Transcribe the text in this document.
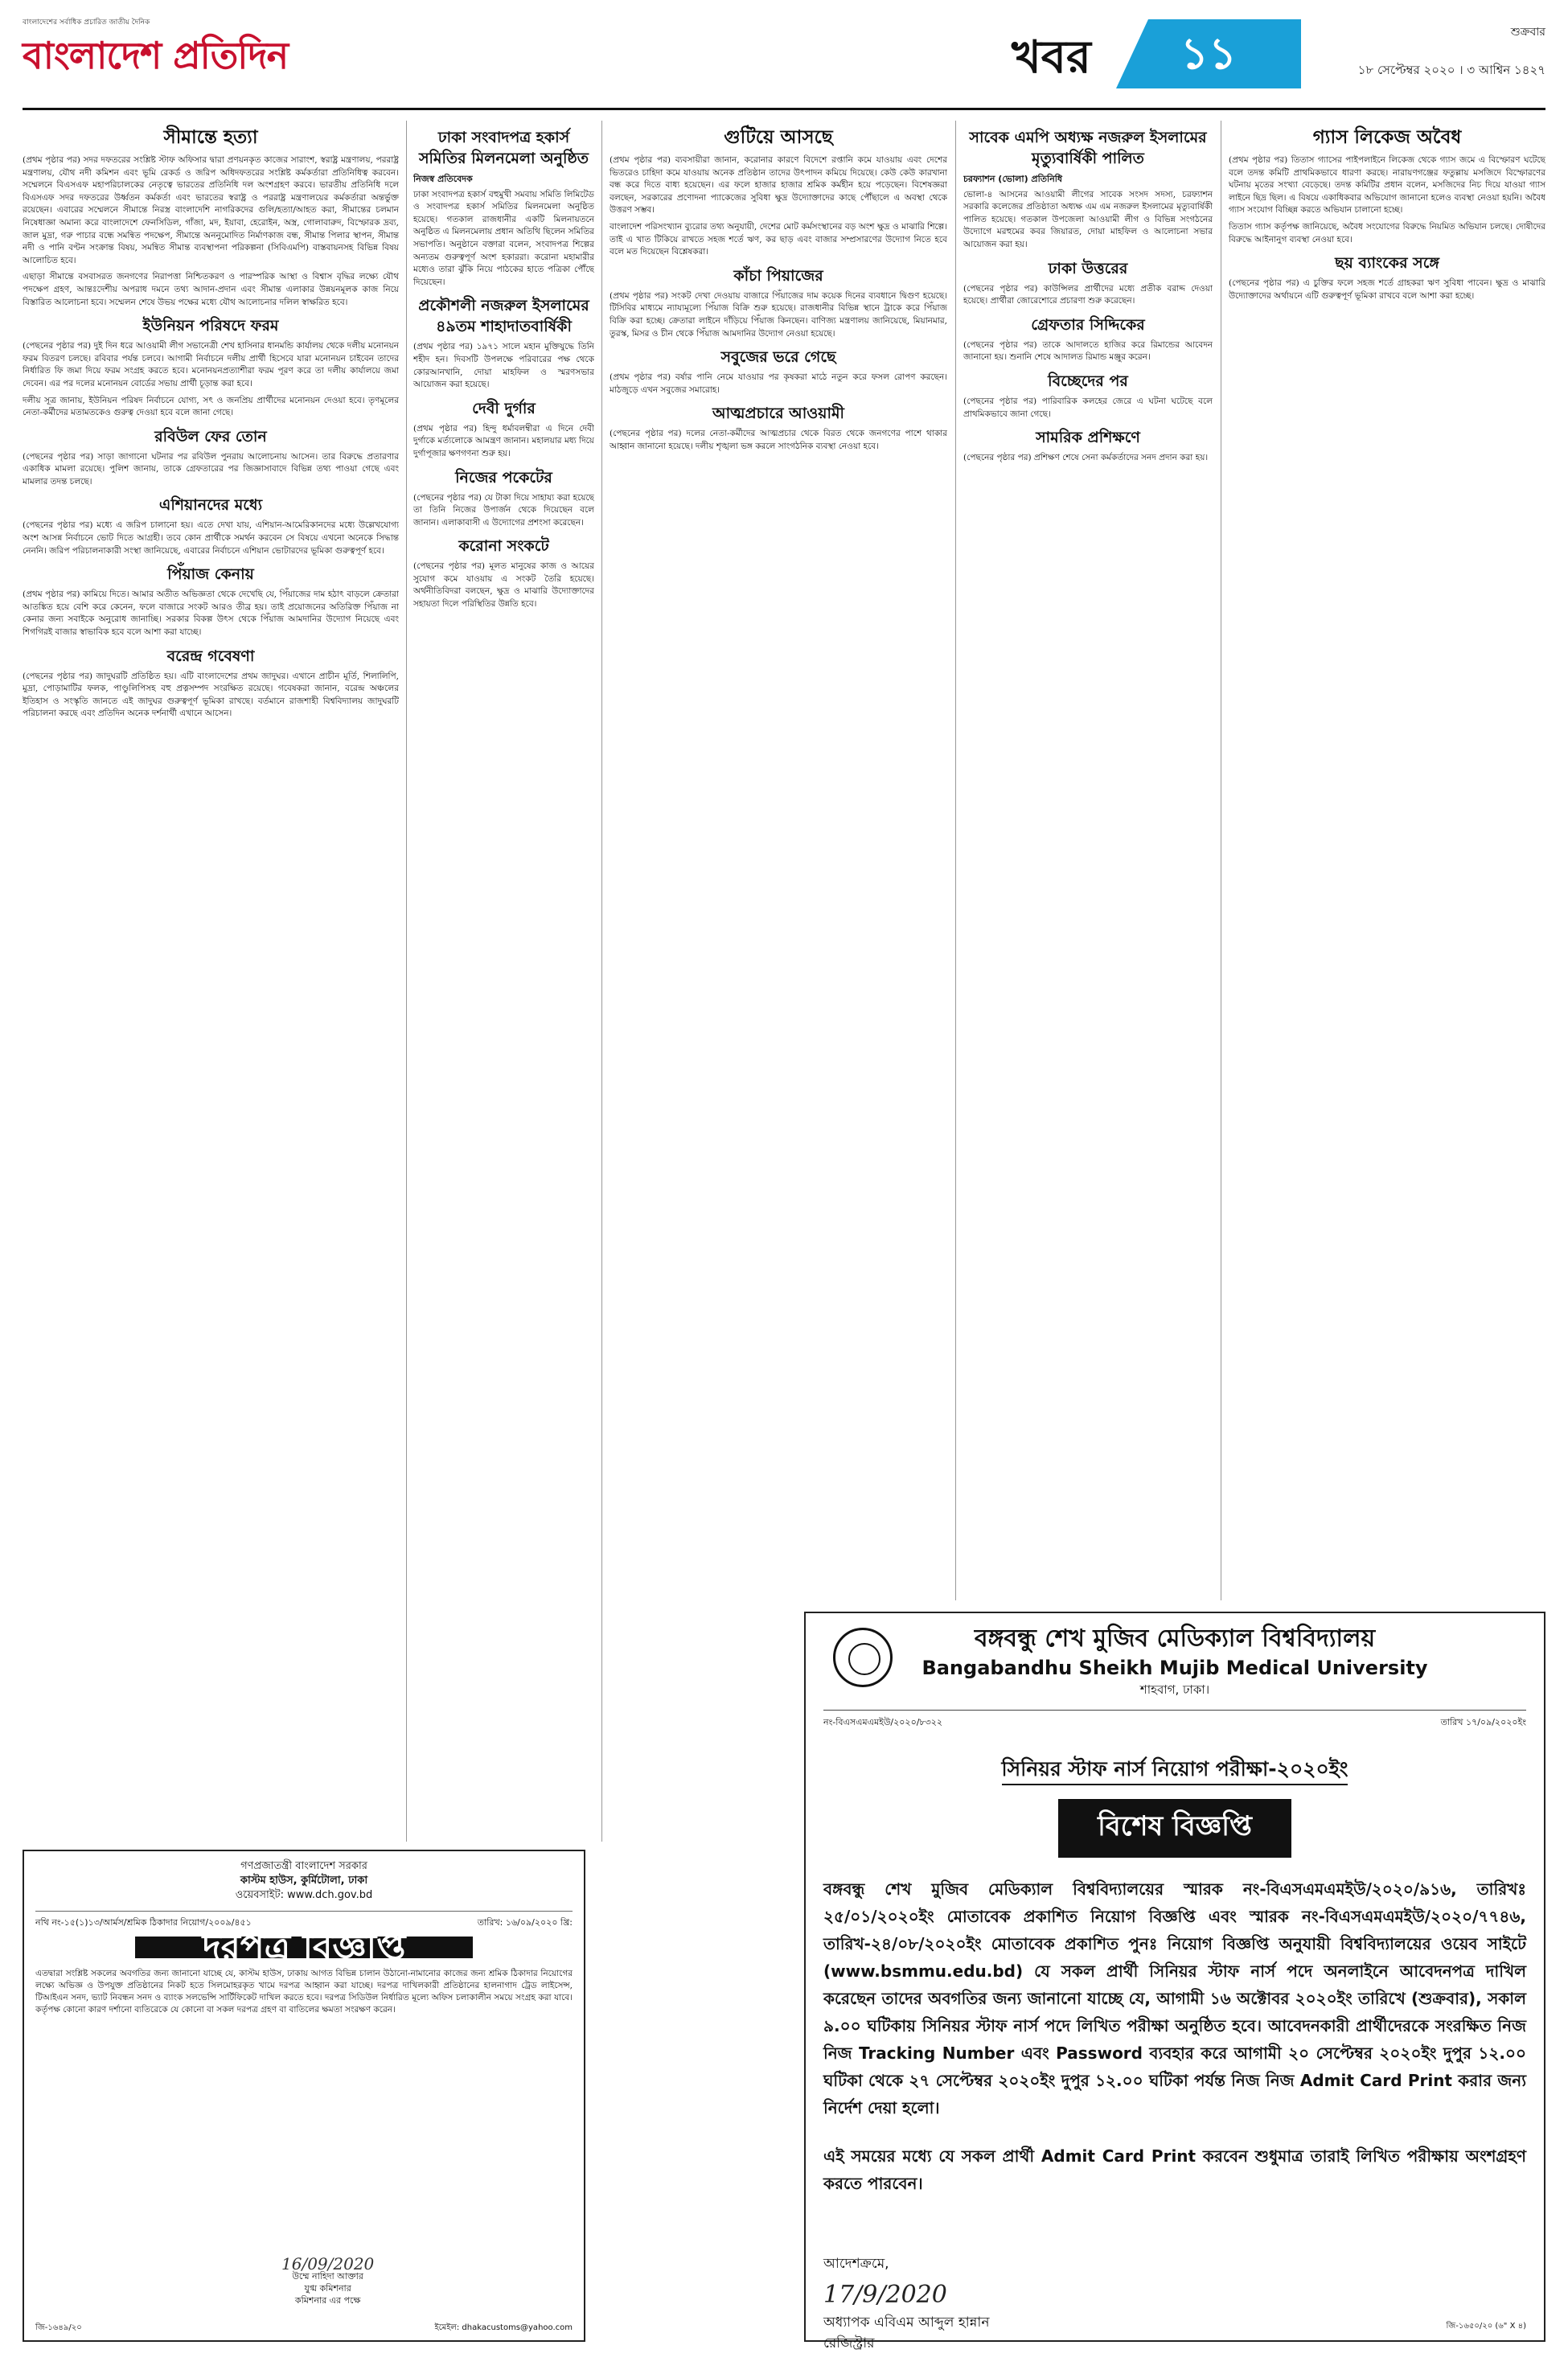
বাংলাদেশের সর্বাধিক প্রচারিত জাতীয় দৈনিক
বাংলাদেশ প্রতিদিন	খবর	১১	শুক্রবার
১৮ সেপ্টেম্বর ২০২০ । ৩ আশ্বিন ১৪২৭
সীমান্তে হত্যা

(প্রথম পৃষ্ঠার পর) সদর দফতরের সংশ্লিষ্ট স্টাফ অফিসার দ্বারা প্রণয়নকৃত কাজের সারাংশ, স্বরাষ্ট্র মন্ত্রণালয়, পররাষ্ট্র মন্ত্রণালয়, যৌথ নদী কমিশন এবং ভূমি রেকর্ড ও জরিপ অধিদফতরের সংশ্লিষ্ট কর্মকর্তারা প্রতিনিধিত্ব করবেন। সম্মেলনে বিএসএফ মহাপরিচালকের নেতৃত্বে ভারতের প্রতিনিধি দল অংশগ্রহণ করবে। ভারতীয় প্রতিনিধি দলে বিএসএফ সদর দফতরের উর্ধ্বতন কর্মকর্তা এবং ভারতের স্বরাষ্ট্র ও পররাষ্ট্র মন্ত্রণালয়ের কর্মকর্তারা অন্তর্ভুক্ত রয়েছেন। এবারের সম্মেলনে সীমান্তে নিরস্ত্র বাংলাদেশি নাগরিকদের গুলি/হত্যা/আহত করা, সীমান্তের চলমান নিষেধাজ্ঞা অমান্য করে বাংলাদেশে ফেনসিডিল, গাঁজা, মদ, ইয়াবা, হেরোইন, অস্ত্র, গোলাবারুদ, বিস্ফোরক দ্রব্য, জাল মুদ্রা, গরু পাচার বন্ধে সমন্বিত পদক্ষেপ, সীমান্তে অননুমোদিত নির্মাণকাজ বন্ধ, সীমান্ত পিলার স্থাপন, সীমান্ত নদী ও পানি বণ্টন সংক্রান্ত বিষয়, সমন্বিত সীমান্ত ব্যবস্থাপনা পরিকল্পনা (সিবিএমপি) বাস্তবায়নসহ বিভিন্ন বিষয় আলোচিত হবে।

এছাড়া সীমান্তে বসবাসরত জনগণের নিরাপত্তা নিশ্চিতকরণ ও পারস্পরিক আস্থা ও বিশ্বাস বৃদ্ধির লক্ষ্যে যৌথ পদক্ষেপ গ্রহণ, আন্তঃদেশীয় অপরাধ দমনে তথ্য আদান-প্রদান এবং সীমান্ত এলাকার উন্নয়নমূলক কাজ নিয়ে বিস্তারিত আলোচনা হবে। সম্মেলন শেষে উভয় পক্ষের মধ্যে যৌথ আলোচনার দলিল স্বাক্ষরিত হবে।

ইউনিয়ন পরিষদে ফরম

(পেছনের পৃষ্ঠার পর) দুই দিন ধরে আওয়ামী লীগ সভানেত্রী শেখ হাসিনার ধানমন্ডি কার্যালয় থেকে দলীয় মনোনয়ন ফরম বিতরণ চলছে। রবিবার পর্যন্ত চলবে। আগামী নির্বাচনে দলীয় প্রার্থী হিসেবে যারা মনোনয়ন চাইবেন তাদের নির্ধারিত ফি জমা দিয়ে ফরম সংগ্রহ করতে হবে। মনোনয়নপ্রত্যাশীরা ফরম পূরণ করে তা দলীয় কার্যালয়ে জমা দেবেন। এর পর দলের মনোনয়ন বোর্ডের সভায় প্রার্থী চূড়ান্ত করা হবে।

দলীয় সূত্র জানায়, ইউনিয়ন পরিষদ নির্বাচনে যোগ্য, সৎ ও জনপ্রিয় প্রার্থীদের মনোনয়ন দেওয়া হবে। তৃণমূলের নেতা-কর্মীদের মতামতকেও গুরুত্ব দেওয়া হবে বলে জানা গেছে।

রবিউল ফের তোন

(পেছনের পৃষ্ঠার পর) সাড়া জাগানো ঘটনার পর রবিউল পুনরায় আলোচনায় আসেন। তার বিরুদ্ধে প্রতারণার একাধিক মামলা রয়েছে। পুলিশ জানায়, তাকে গ্রেফতারের পর জিজ্ঞাসাবাদে বিভিন্ন তথ্য পাওয়া গেছে এবং মামলার তদন্ত চলছে।

এশিয়ানদের মধ্যে

(পেছনের পৃষ্ঠার পর) মধ্যে এ জরিপ চালানো হয়। এতে দেখা যায়, এশিয়ান-আমেরিকানদের মধ্যে উল্লেখযোগ্য অংশ আসন্ন নির্বাচনে ভোট দিতে আগ্রহী। তবে কোন প্রার্থীকে সমর্থন করবেন সে বিষয়ে এখনো অনেকে সিদ্ধান্ত নেননি। জরিপ পরিচালনাকারী সংস্থা জানিয়েছে, এবারের নির্বাচনে এশিয়ান ভোটারদের ভূমিকা গুরুত্বপূর্ণ হবে।

পিঁয়াজ কেনায়

(প্রথম পৃষ্ঠার পর) কামিয়ে দিতে। আমার অতীত অভিজ্ঞতা থেকে দেখেছি যে, পিঁয়াজের দাম হঠাৎ বাড়লে ক্রেতারা আতঙ্কিত হয়ে বেশি করে কেনেন, ফলে বাজারে সংকট আরও তীব্র হয়। তাই প্রয়োজনের অতিরিক্ত পিঁয়াজ না কেনার জন্য সবাইকে অনুরোধ জানাচ্ছি। সরকার বিকল্প উৎস থেকে পিঁয়াজ আমদানির উদ্যোগ নিয়েছে এবং শিগগিরই বাজার স্বাভাবিক হবে বলে আশা করা যাচ্ছে।

বরেন্দ্র গবেষণা

(পেছনের পৃষ্ঠার পর) জাদুঘরটি প্রতিষ্ঠিত হয়। এটি বাংলাদেশের প্রথম জাদুঘর। এখানে প্রাচীন মূর্তি, শিলালিপি, মুদ্রা, পোড়ামাটির ফলক, পাণ্ডুলিপিসহ বহু প্রত্নসম্পদ সংরক্ষিত রয়েছে। গবেষকরা জানান, বরেন্দ্র অঞ্চলের ইতিহাস ও সংস্কৃতি জানতে এই জাদুঘর গুরুত্বপূর্ণ ভূমিকা রাখছে। বর্তমানে রাজশাহী বিশ্ববিদ্যালয় জাদুঘরটি পরিচালনা করছে এবং প্রতিদিন অনেক দর্শনার্থী এখানে আসেন।

ঢাকা সংবাদপত্র হকার্স সমিতির মিলনমেলা অনুষ্ঠিত
নিজস্ব প্রতিবেদক

ঢাকা সংবাদপত্র হকার্স বহুমুখী সমবায় সমিতি লিমিটেড ও সংবাদপত্র হকার্স সমিতির মিলনমেলা অনুষ্ঠিত হয়েছে। গতকাল রাজধানীর একটি মিলনায়তনে অনুষ্ঠিত এ মিলনমেলায় প্রধান অতিথি ছিলেন সমিতির সভাপতি। অনুষ্ঠানে বক্তারা বলেন, সংবাদপত্র শিল্পের অন্যতম গুরুত্বপূর্ণ অংশ হকাররা। করোনা মহামারীর মধ্যেও তারা ঝুঁকি নিয়ে পাঠকের হাতে পত্রিকা পৌঁছে দিয়েছেন।

প্রকৌশলী নজরুল ইসলামের ৪৯তম শাহাদাতবার্ষিকী

(প্রথম পৃষ্ঠার পর) ১৯৭১ সালে মহান মুক্তিযুদ্ধে তিনি শহীদ হন। দিবসটি উপলক্ষে পরিবারের পক্ষ থেকে কোরআনখানি, দোয়া মাহফিল ও স্মরণসভার আয়োজন করা হয়েছে।

দেবী দুর্গার

(প্রথম পৃষ্ঠার পর) হিন্দু ধর্মাবলম্বীরা এ দিনে দেবী দুর্গাকে মর্ত্যলোকে আমন্ত্রণ জানান। মহালয়ার মধ্য দিয়ে দুর্গাপূজার ক্ষণগণনা শুরু হয়।

নিজের পকেটের

(পেছনের পৃষ্ঠার পর) যে টাকা দিয়ে সাহায্য করা হয়েছে তা তিনি নিজের উপার্জন থেকে দিয়েছেন বলে জানান। এলাকাবাসী এ উদ্যোগের প্রশংসা করেছেন।

করোনা সংকটে

(পেছনের পৃষ্ঠার পর) মূলত মানুষের কাজ ও আয়ের সুযোগ কমে যাওয়ায় এ সংকট তৈরি হয়েছে। অর্থনীতিবিদরা বলছেন, ক্ষুদ্র ও মাঝারি উদ্যোক্তাদের সহায়তা দিলে পরিস্থিতির উন্নতি হবে।

গুটিয়ে আসছে

(প্রথম পৃষ্ঠার পর) ব্যবসায়ীরা জানান, করোনার কারণে বিদেশে রপ্তানি কমে যাওয়ায় এবং দেশের ভিতরেও চাহিদা কমে যাওয়ায় অনেক প্রতিষ্ঠান তাদের উৎপাদন কমিয়ে দিয়েছে। কেউ কেউ কারখানা বন্ধ করে দিতে বাধ্য হয়েছেন। এর ফলে হাজার হাজার শ্রমিক কর্মহীন হয়ে পড়েছেন। বিশেষজ্ঞরা বলছেন, সরকারের প্রণোদনা প্যাকেজের সুবিধা ক্ষুদ্র উদ্যোক্তাদের কাছে পৌঁছালে এ অবস্থা থেকে উত্তরণ সম্ভব।

বাংলাদেশ পরিসংখ্যান ব্যুরোর তথ্য অনুযায়ী, দেশের মোট কর্মসংস্থানের বড় অংশ ক্ষুদ্র ও মাঝারি শিল্পে। তাই এ খাত টিকিয়ে রাখতে সহজ শর্তে ঋণ, কর ছাড় এবং বাজার সম্প্রসারণের উদ্যোগ নিতে হবে বলে মত দিয়েছেন বিশ্লেষকরা।

কাঁচা পিয়াজের

(প্রথম পৃষ্ঠার পর) সংকট দেখা দেওয়ায় বাজারে পিঁয়াজের দাম কয়েক দিনের ব্যবধানে দ্বিগুণ হয়েছে। টিসিবির মাধ্যমে ন্যায্যমূল্যে পিঁয়াজ বিক্রি শুরু হয়েছে। রাজধানীর বিভিন্ন স্থানে ট্রাকে করে পিঁয়াজ বিক্রি করা হচ্ছে। ক্রেতারা লাইনে দাঁড়িয়ে পিঁয়াজ কিনছেন। বাণিজ্য মন্ত্রণালয় জানিয়েছে, মিয়ানমার, তুরস্ক, মিসর ও চীন থেকে পিঁয়াজ আমদানির উদ্যোগ নেওয়া হয়েছে।

সবুজের ভরে গেছে

(প্রথম পৃষ্ঠার পর) বর্ষার পানি নেমে যাওয়ার পর কৃষকরা মাঠে নতুন করে ফসল রোপণ করছেন। মাঠজুড়ে এখন সবুজের সমারোহ।

আত্মপ্রচারে আওয়ামী

(পেছনের পৃষ্ঠার পর) দলের নেতা-কর্মীদের আত্মপ্রচার থেকে বিরত থেকে জনগণের পাশে থাকার আহ্বান জানানো হয়েছে। দলীয় শৃঙ্খলা ভঙ্গ করলে সাংগঠনিক ব্যবস্থা নেওয়া হবে।

সাবেক এমপি অধ্যক্ষ নজরুল ইসলামের মৃত্যুবার্ষিকী পালিত
চরফ্যাশন (ভোলা) প্রতিনিধি

ভোলা-৪ আসনের আওয়ামী লীগের সাবেক সংসদ সদস্য, চরফ্যাশন সরকারি কলেজের প্রতিষ্ঠাতা অধ্যক্ষ এম এম নজরুল ইসলামের মৃত্যুবার্ষিকী পালিত হয়েছে। গতকাল উপজেলা আওয়ামী লীগ ও বিভিন্ন সংগঠনের উদ্যোগে মরহুমের কবর জিয়ারত, দোয়া মাহফিল ও আলোচনা সভার আয়োজন করা হয়।

ঢাকা উত্তরের

(পেছনের পৃষ্ঠার পর) কাউন্সিলর প্রার্থীদের মধ্যে প্রতীক বরাদ্দ দেওয়া হয়েছে। প্রার্থীরা জোরেশোরে প্রচারণা শুরু করেছেন।

গ্রেফতার সিদ্দিকের

(পেছনের পৃষ্ঠার পর) তাকে আদালতে হাজির করে রিমান্ডের আবেদন জানানো হয়। শুনানি শেষে আদালত রিমান্ড মঞ্জুর করেন।

বিচ্ছেদের পর

(পেছনের পৃষ্ঠার পর) পারিবারিক কলহের জেরে এ ঘটনা ঘটেছে বলে প্রাথমিকভাবে জানা গেছে।

সামরিক প্রশিক্ষণে

(পেছনের পৃষ্ঠার পর) প্রশিক্ষণ শেষে সেনা কর্মকর্তাদের সনদ প্রদান করা হয়।

গ্যাস লিকেজ অবৈধ

(প্রথম পৃষ্ঠার পর) তিতাস গ্যাসের পাইপলাইনে লিকেজ থেকে গ্যাস জমে এ বিস্ফোরণ ঘটেছে বলে তদন্ত কমিটি প্রাথমিকভাবে ধারণা করছে। নারায়ণগঞ্জের ফতুল্লায় মসজিদে বিস্ফোরণের ঘটনায় মৃতের সংখ্যা বেড়েছে। তদন্ত কমিটির প্রধান বলেন, মসজিদের নিচ দিয়ে যাওয়া গ্যাস লাইনে ছিদ্র ছিল। এ বিষয়ে একাধিকবার অভিযোগ জানানো হলেও ব্যবস্থা নেওয়া হয়নি। অবৈধ গ্যাস সংযোগ বিচ্ছিন্ন করতে অভিযান চালানো হচ্ছে।

তিতাস গ্যাস কর্তৃপক্ষ জানিয়েছে, অবৈধ সংযোগের বিরুদ্ধে নিয়মিত অভিযান চলছে। দোষীদের বিরুদ্ধে আইনানুগ ব্যবস্থা নেওয়া হবে।

ছয় ব্যাংকের সঙ্গে

(পেছনের পৃষ্ঠার পর) এ চুক্তির ফলে সহজ শর্তে গ্রাহকরা ঋণ সুবিধা পাবেন। ক্ষুদ্র ও মাঝারি উদ্যোক্তাদের অর্থায়নে এটি গুরুত্বপূর্ণ ভূমিকা রাখবে বলে আশা করা হচ্ছে।

গণপ্রজাতন্ত্রী বাংলাদেশ সরকার
কাস্টম হাউস, কুর্মিটোলা, ঢাকা
ওয়েবসাইট: www.dch.gov.bd
নথি নং-১৫(১)১৩/আর্মস/শ্রমিক ঠিকাদার নিয়োগ/২০০৯/৪৫১	তারিখ: ১৬/০৯/২০২০ খ্রি:
দরপত্র বিজ্ঞপ্তি
এতদ্বারা সংশ্লিষ্ট সকলের অবগতির জন্য জানানো যাচ্ছে যে, কাস্টম হাউস, ঢাকায় আগত বিভিন্ন চালান উঠানো-নামানোর কাজের জন্য শ্রমিক ঠিকাদার নিয়োগের লক্ষ্যে অভিজ্ঞ ও উপযুক্ত প্রতিষ্ঠানের নিকট হতে সিলমোহরকৃত খামে দরপত্র আহ্বান করা যাচ্ছে। দরপত্র দাখিলকারী প্রতিষ্ঠানের হালনাগাদ ট্রেড লাইসেন্স, টিআইএন সনদ, ভ্যাট নিবন্ধন সনদ ও ব্যাংক সলভেন্সি সার্টিফিকেট দাখিল করতে হবে। দরপত্র সিডিউল নির্ধারিত মূল্যে অফিস চলাকালীন সময়ে সংগ্রহ করা যাবে। কর্তৃপক্ষ কোনো কারণ দর্শানো ব্যতিরেকে যে কোনো বা সকল দরপত্র গ্রহণ বা বাতিলের ক্ষমতা সংরক্ষণ করেন।
16/09/2020
উম্মে নাহিদা আক্তার
যুগ্ম কমিশনার
কমিশনার এর পক্ষে
জি-১৬৪৯/২০	ইমেইল: dhakacustoms@yahoo.com
বঙ্গবন্ধু শেখ মুজিব মেডিক্যাল বিশ্ববিদ্যালয়
Bangabandhu Sheikh Mujib Medical University
শাহবাগ, ঢাকা।
নং-বিএসএমএমইউ/২০২০/৮৩২২	তারিখ ১৭/০৯/২০২০ইং
সিনিয়র স্টাফ নার্স নিয়োগ পরীক্ষা-২০২০ইং
বিশেষ বিজ্ঞপ্তি
বঙ্গবন্ধু শেখ মুজিব মেডিক্যাল বিশ্ববিদ্যালয়ের স্মারক নং-বিএসএমএমইউ/২০২০/৯১৬, তারিখঃ ২৫/০১/২০২০ইং মোতাবেক প্রকাশিত নিয়োগ বিজ্ঞপ্তি এবং স্মারক নং-বিএসএমএমইউ/২০২০/৭৭৪৬, তারিখ-২৪/০৮/২০২০ইং মোতাবেক প্রকাশিত পুনঃ নিয়োগ বিজ্ঞপ্তি অনুযায়ী বিশ্ববিদ্যালয়ের ওয়েব সাইটে (www.bsmmu.edu.bd) যে সকল প্রার্থী সিনিয়র স্টাফ নার্স পদে অনলাইনে আবেদনপত্র দাখিল করেছেন তাদের অবগতির জন্য জানানো যাচ্ছে যে, আগামী ১৬ অক্টোবর ২০২০ইং তারিখে (শুক্রবার), সকাল ৯.০০ ঘটিকায় সিনিয়র স্টাফ নার্স পদে লিখিত পরীক্ষা অনুষ্ঠিত হবে। আবেদনকারী প্রার্থীদেরকে সংরক্ষিত নিজ নিজ Tracking Number এবং Password ব্যবহার করে আগামী ২০ সেপ্টেম্বর ২০২০ইং দুপুর ১২.০০ ঘটিকা থেকে ২৭ সেপ্টেম্বর ২০২০ইং দুপুর ১২.০০ ঘটিকা পর্যন্ত নিজ নিজ Admit Card Print করার জন্য নির্দেশ দেয়া হলো।
এই সময়ের মধ্যে যে সকল প্রার্থী Admit Card Print করবেন শুধুমাত্র তারাই লিখিত পরীক্ষায় অংশগ্রহণ করতে পারবেন।
আদেশক্রমে,
17/9/2020
অধ্যাপক এবিএম আব্দুল হান্নান
রেজিস্ট্রার
জি-১৬৫০/২০ (৬" X ৪)
